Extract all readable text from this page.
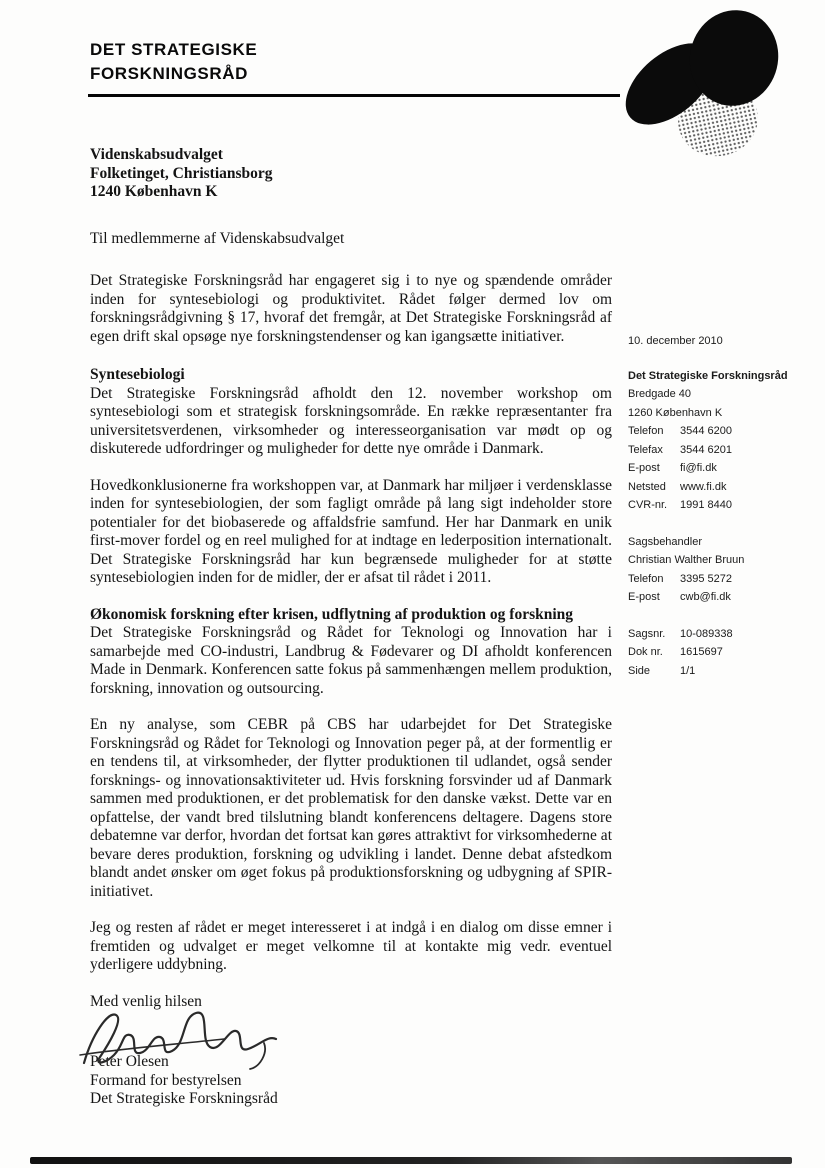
DET STRATEGISKE
FORSKNINGSRÅD
Videnskabsudvalget
Folketinget, Christiansborg
1240 København K
Til medlemmerne af Videnskabsudvalget

Det Strategiske Forskningsråd har engageret sig i to nye og spændende områder inden for syntesebiologi og produktivitet. Rådet følger dermed lov om forskningsrådgivning § 17, hvoraf det fremgår, at Det Strategiske Forskningsråd af egen drift skal opsøge nye forskningstendenser og kan igangsætte initiativer.

Syntesebiologi

Det Strategiske Forskningsråd afholdt den 12. november workshop om syntesebiologi som et strategisk forskningsområde. En række repræsentanter fra universitetsverdenen, virksomheder og interesseorganisation var mødt op og diskuterede udfordringer og muligheder for dette nye område i Danmark.

Hovedkonklusionerne fra workshoppen var, at Danmark har miljøer i verdensklasse inden for syntesebiologien, der som fagligt område på lang sigt indeholder store potentialer for det biobaserede og affaldsfrie samfund. Her har Danmark en unik first-mover fordel og en reel mulighed for at indtage en lederposition internationalt. Det Strategiske Forskningsråd har kun begrænsede muligheder for at støtte syntesebiologien inden for de midler, der er afsat til rådet i 2011.

Økonomisk forskning efter krisen, udflytning af produktion og forskning

Det Strategiske Forskningsråd og Rådet for Teknologi og Innovation har i samarbejde med CO-industri, Landbrug & Fødevarer og DI afholdt konferencen Made in Denmark. Konferencen satte fokus på sammenhængen mellem produktion, forskning, innovation og outsourcing.

En ny analyse, som CEBR på CBS har udarbejdet for Det Strategiske Forskningsråd og Rådet for Teknologi og Innovation peger på, at der formentlig er en tendens til, at virksomheder, der flytter produktionen til udlandet, også sender forsknings- og innovationsaktiviteter ud. Hvis forskning forsvinder ud af Danmark sammen med produktionen, er det problematisk for den danske vækst. Dette var en opfattelse, der vandt bred tilslutning blandt konferencens deltagere. Dagens store debatemne var derfor, hvordan det fortsat kan gøres attraktivt for virksomhederne at bevare deres produktion, forskning og udvikling i landet. Denne debat afstedkom blandt andet ønsker om øget fokus på produktionsforskning og udbygning af SPIR-initiativet.

Jeg og resten af rådet er meget interesseret i at indgå i en dialog om disse emner i fremtiden og udvalget er meget velkomne til at kontakte mig vedr. eventuel yderligere uddybning.

Med venlig hilsen
Peter Olesen
Formand for bestyrelsen
Det Strategiske Forskningsråd
10. december 2010
Det Strategiske Forskningsråd
Bredgade 40
1260 København K
Telefon	3544 6200
Telefax	3544 6201
E-post	fi@fi.dk
Netsted	www.fi.dk
CVR-nr.	1991 8440
Sagsbehandler
Christian Walther Bruun
Telefon	3395 5272
E-post	cwb@fi.dk
Sagsnr.	10-089338
Dok nr.	1615697
Side	1/1
